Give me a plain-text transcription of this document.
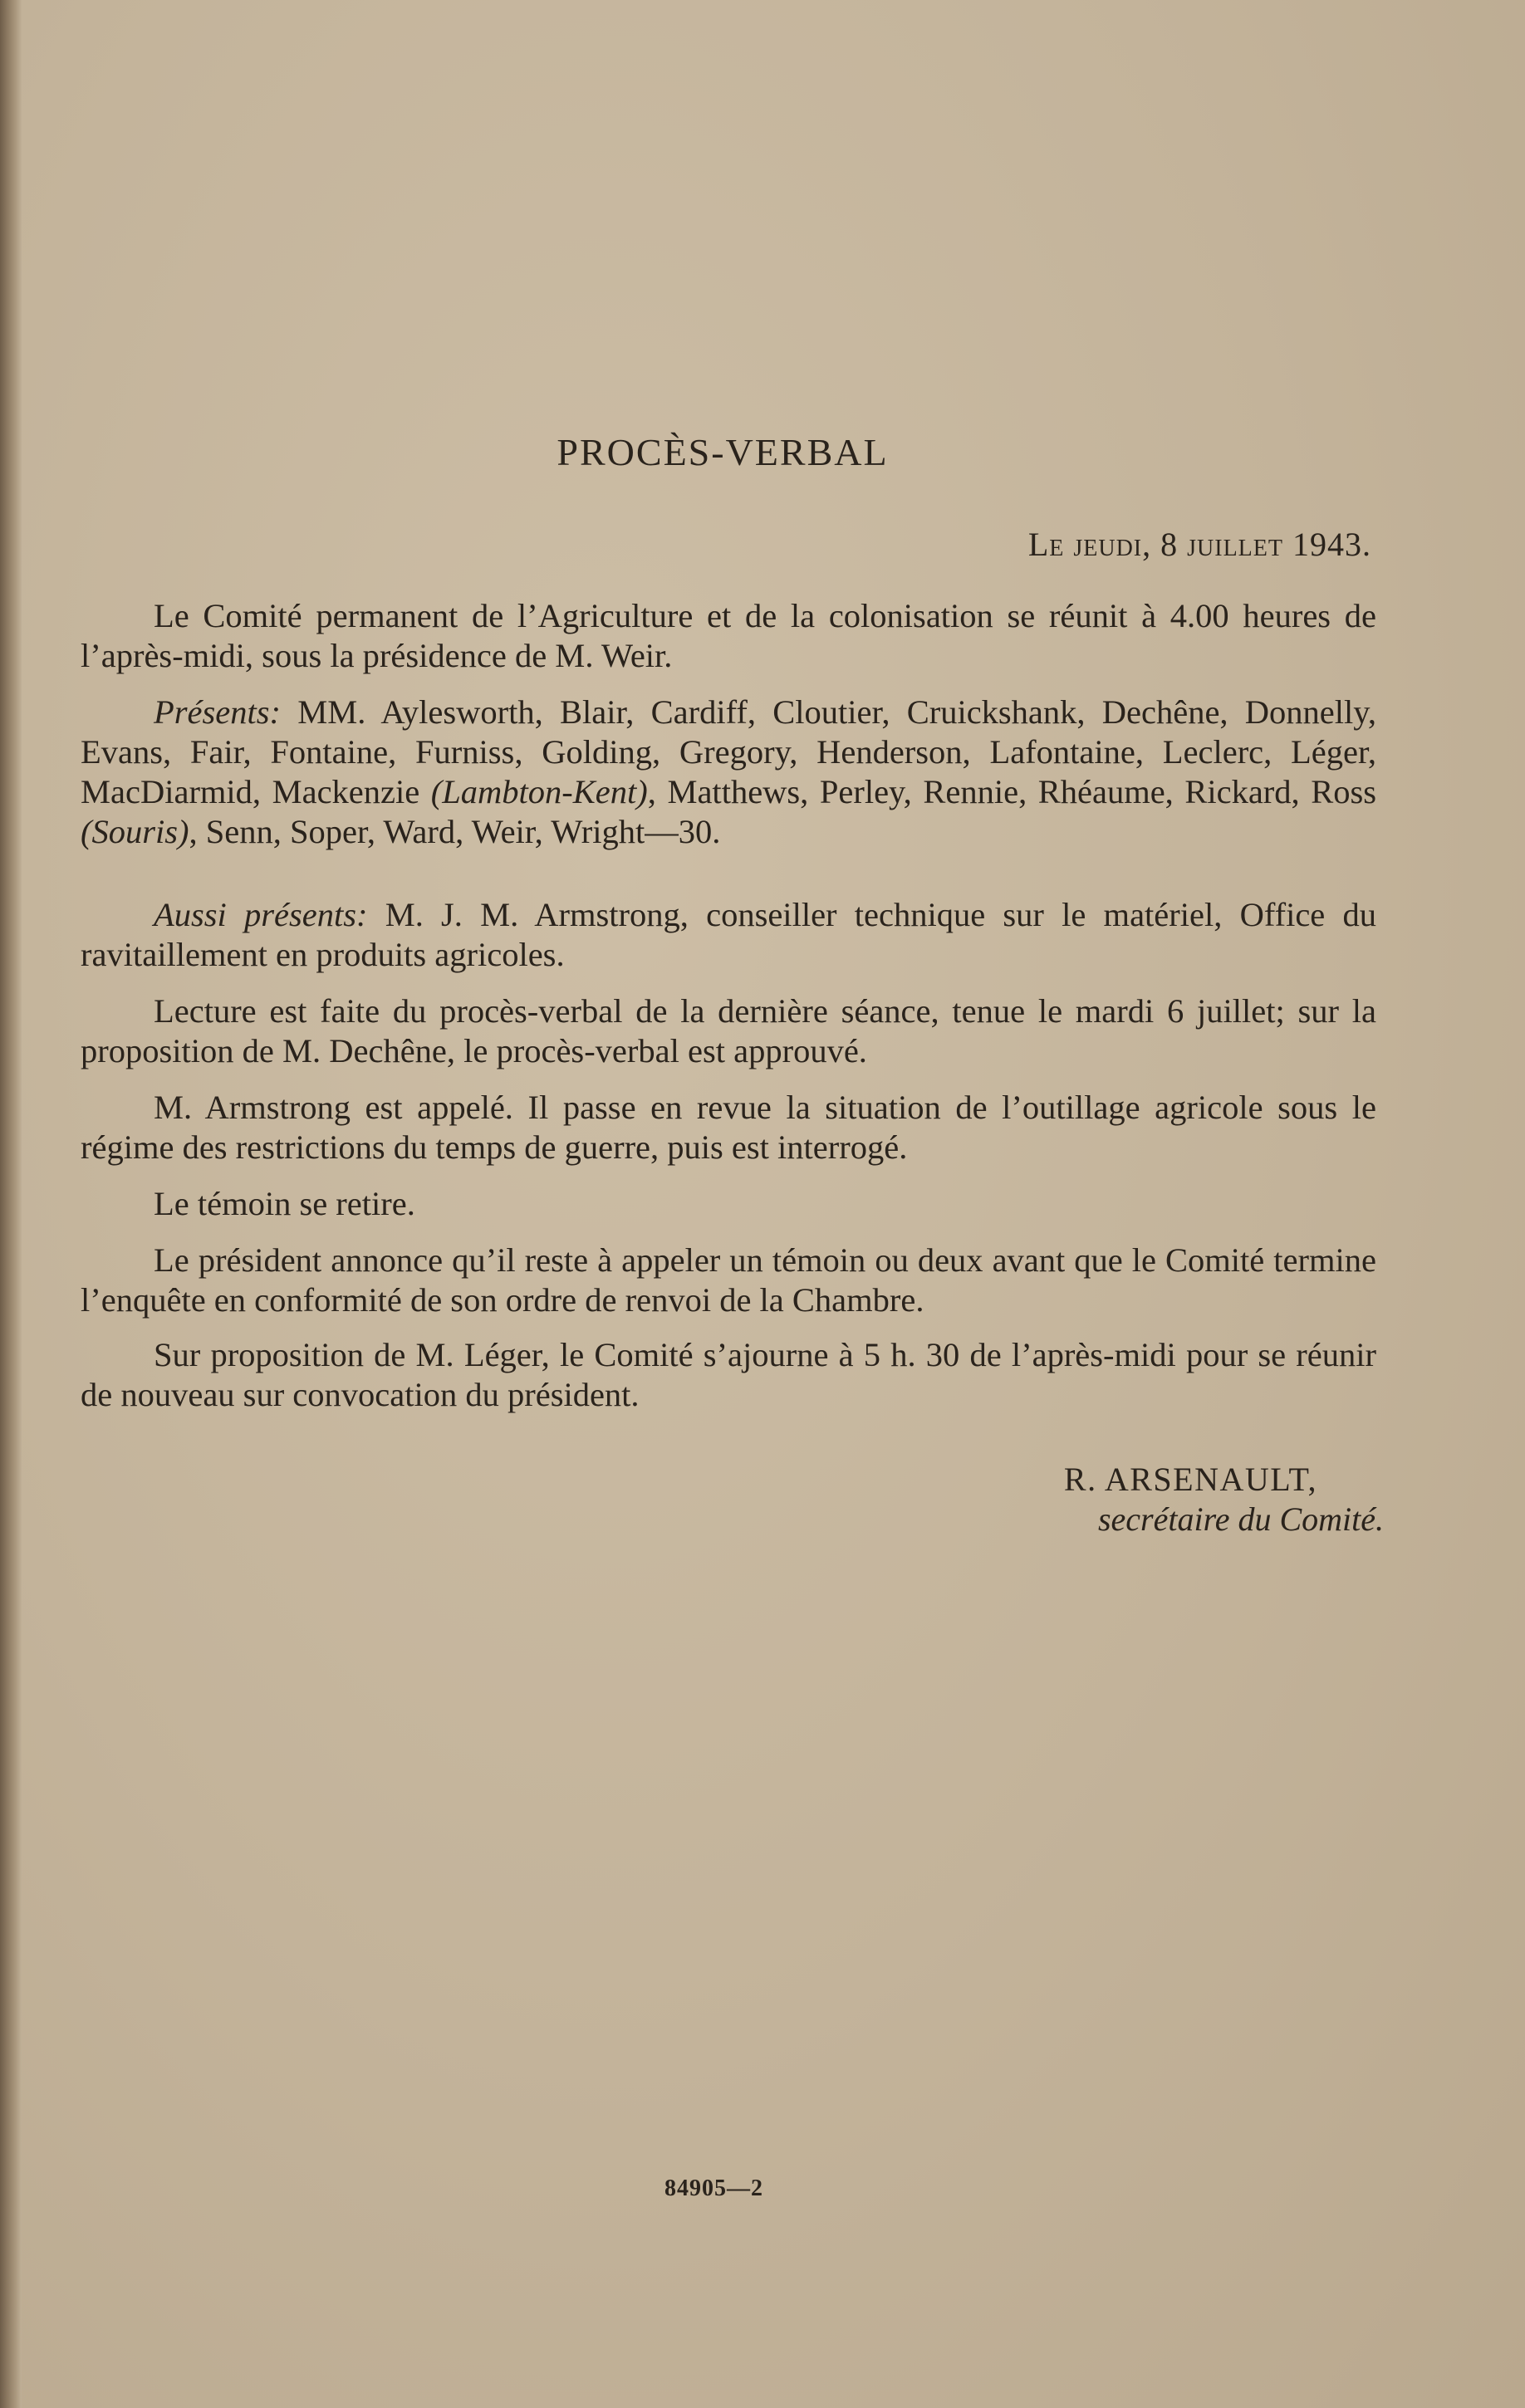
PROCÈS-VERBAL
Le jeudi, 8 juillet 1943.

Le Comité permanent de l’Agriculture et de la colonisation se réunit à 4.00 heures de l’après-midi, sous la présidence de M. Weir.

Présents: MM. Aylesworth, Blair, Cardiff, Cloutier, Cruickshank, Dechêne, Donnelly, Evans, Fair, Fontaine, Furniss, Golding, Gregory, Henderson, Lafontaine, Leclerc, Léger, MacDiarmid, Mackenzie (Lambton-Kent), Matthews, Perley, Rennie, Rhéaume, Rickard, Ross (Souris), Senn, Soper, Ward, Weir, Wright—30.

Aussi présents: M. J. M. Armstrong, conseiller technique sur le matériel, Office du ravitaillement en produits agricoles.

Lecture est faite du procès-verbal de la dernière séance, tenue le mardi 6 juillet; sur la proposition de M. Dechêne, le procès-verbal est approuvé.

M. Armstrong est appelé. Il passe en revue la situation de l’outillage agricole sous le régime des restrictions du temps de guerre, puis est interrogé.

Le témoin se retire.

Le président annonce qu’il reste à appeler un témoin ou deux avant que le Comité termine l’enquête en conformité de son ordre de renvoi de la Chambre.

Sur proposition de M. Léger, le Comité s’ajourne à 5 h. 30 de l’après-midi pour se réunir de nouveau sur convocation du président.

R. ARSENAULT,
secrétaire du Comité.
84905—2
